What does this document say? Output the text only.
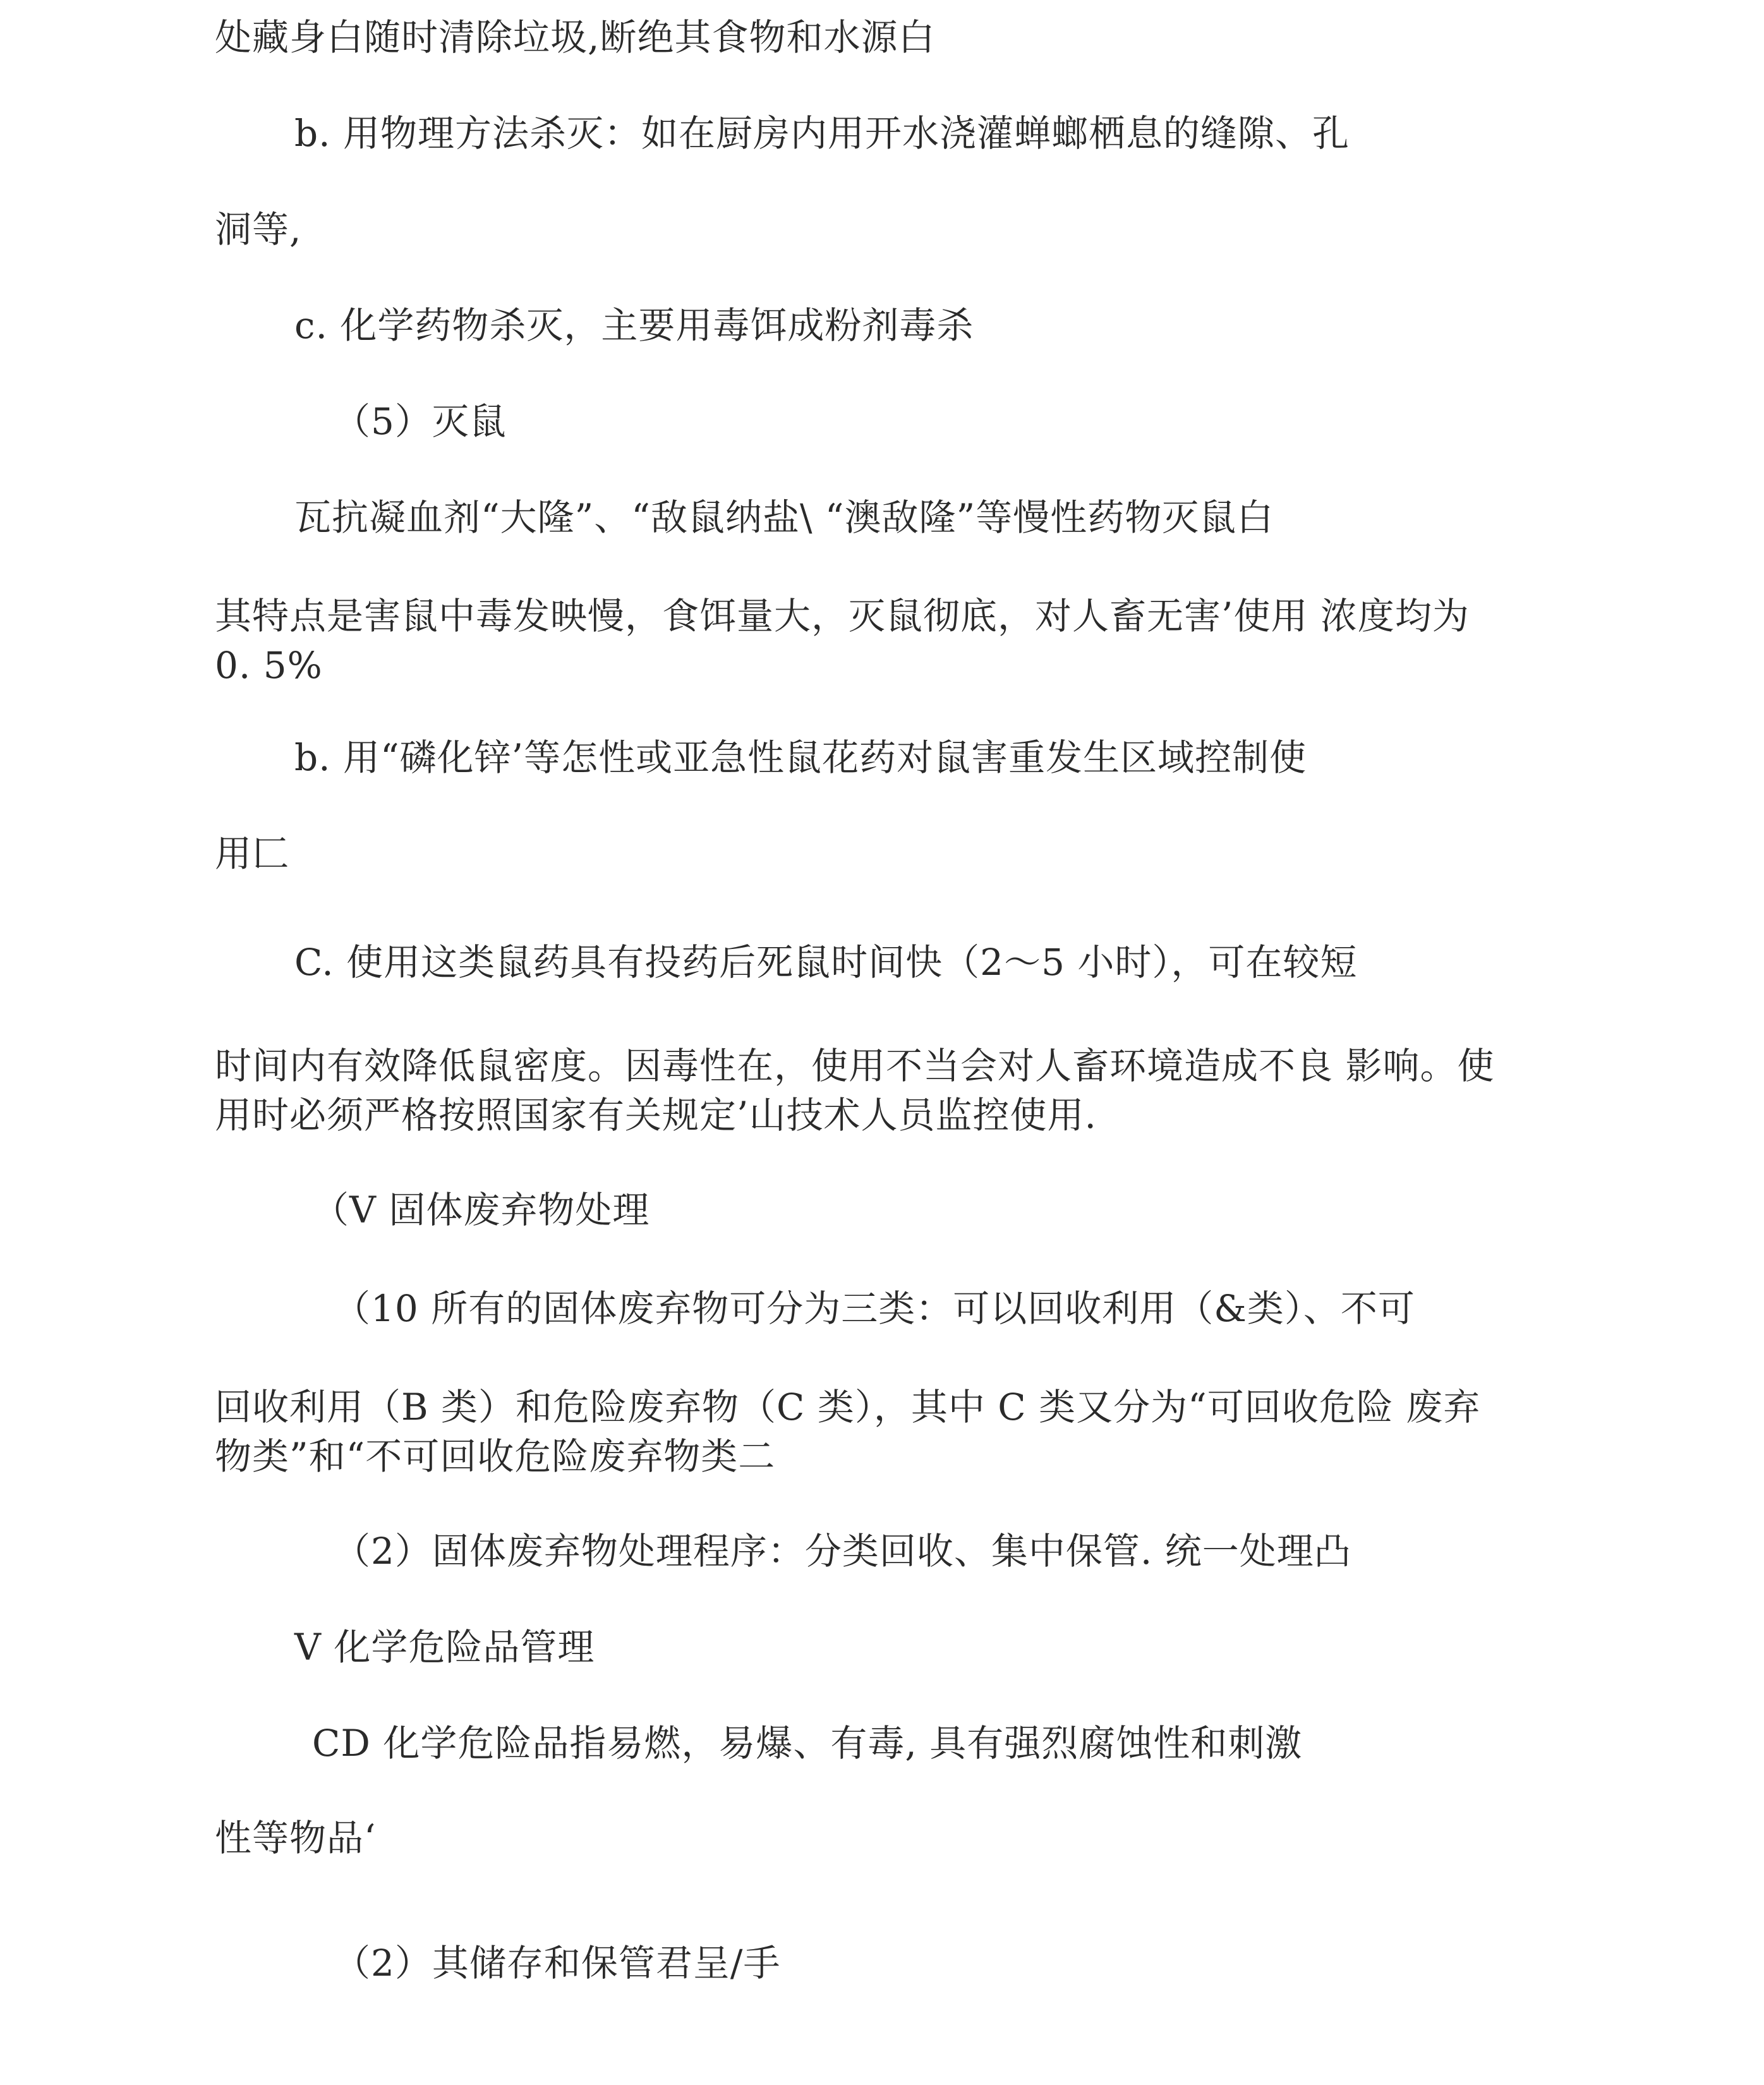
处藏身白随时清除垃圾,断绝其食物和水源白
b. 用物理方法杀灭：如在厨房内用开水浇灌蝉螂栖息的缝隙、孔
洞等,
c. 化学药物杀灭，主要用毒饵成粉剂毒杀
（5）灭鼠
瓦抗凝血剂“大隆”、“敌鼠纳盐\ “澳敌隆”等慢性药物灭鼠白
其特点是害鼠中毒发映慢，食饵量大，灭鼠彻底，对人畜无害’使用 浓度均为
0. 5%
b. 用“磷化锌’等怎性或亚急性鼠花药对鼠害重发生区域控制使
用匚
C. 使用这类鼠药具有投药后死鼠时间快（2〜5 小时），可在较短
时间内有效降低鼠密度。因毒性在，使用不当会对人畜环境造成不良 影响。使
用时必须严格按照国家有关规定’山技术人员监控使用.
（V 固体废弃物处理
（10 所有的固体废弃物可分为三类：可以回收利用（&类）、不可
回收利用（B 类）和危险废弃物（C 类），其中 C 类又分为“可回收危险 废弃
物类”和“不可回收危险废弃物类二
（2）固体废弃物处理程序：分类回收、集中保管. 统一处理凸
V 化学危险品管理
CD 化学危险品指易燃，易爆、有毒, 具有强烈腐蚀性和刺激
性等物品‘
（2）其储存和保管君呈/手
